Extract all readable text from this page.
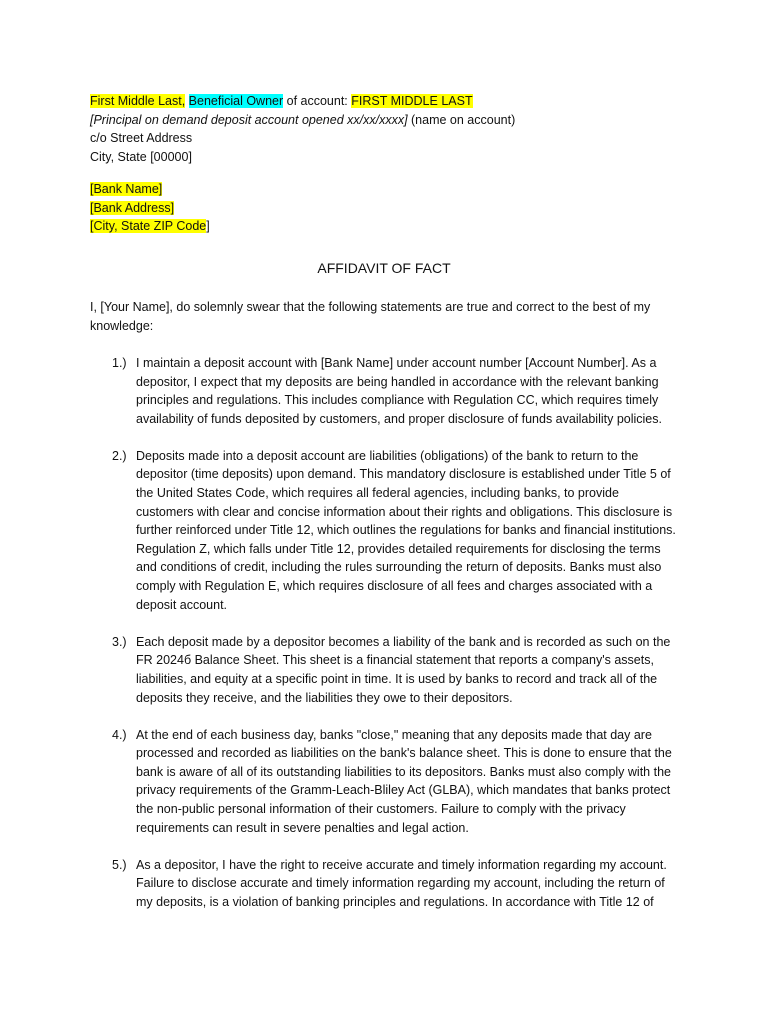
First Middle Last, Beneficial Owner of account: FIRST MIDDLE LAST
[Principal on demand deposit account opened xx/xx/xxxx] (name on account)
c/o Street Address
City, State [00000]
[Bank Name]
[Bank Address]
[City, State ZIP Code]
AFFIDAVIT OF FACT

I, [Your Name], do solemnly swear that the following statements are true and correct to the best of my knowledge:

1.) I maintain a deposit account with [Bank Name] under account number [Account Number]. As a depositor, I expect that my deposits are being handled in accordance with the relevant banking principles and regulations. This includes compliance with Regulation CC, which requires timely availability of funds deposited by customers, and proper disclosure of funds availability policies.
2.) Deposits made into a deposit account are liabilities (obligations) of the bank to return to the depositor (time deposits) upon demand. This mandatory disclosure is established under Title 5 of the United States Code, which requires all federal agencies, including banks, to provide customers with clear and concise information about their rights and obligations. This disclosure is further reinforced under Title 12, which outlines the regulations for banks and financial institutions. Regulation Z, which falls under Title 12, provides detailed requirements for disclosing the terms and conditions of credit, including the rules surrounding the return of deposits. Banks must also comply with Regulation E, which requires disclosure of all fees and charges associated with a deposit account.
3.) Each deposit made by a depositor becomes a liability of the bank and is recorded as such on the FR 2024б Balance Sheet. This sheet is a financial statement that reports a company's assets, liabilities, and equity at a specific point in time. It is used by banks to record and track all of the deposits they receive, and the liabilities they owe to their depositors.
4.) At the end of each business day, banks "close," meaning that any deposits made that day are processed and recorded as liabilities on the bank's balance sheet. This is done to ensure that the bank is aware of all of its outstanding liabilities to its depositors. Banks must also comply with the privacy requirements of the Gramm-Leach-Bliley Act (GLBA), which mandates that banks protect the non-public personal information of their customers. Failure to comply with the privacy requirements can result in severe penalties and legal action.
5.) As a depositor, I have the right to receive accurate and timely information regarding my account. Failure to disclose accurate and timely information regarding my account, including the return of my deposits, is a violation of banking principles and regulations. In accordance with Title 12 of
